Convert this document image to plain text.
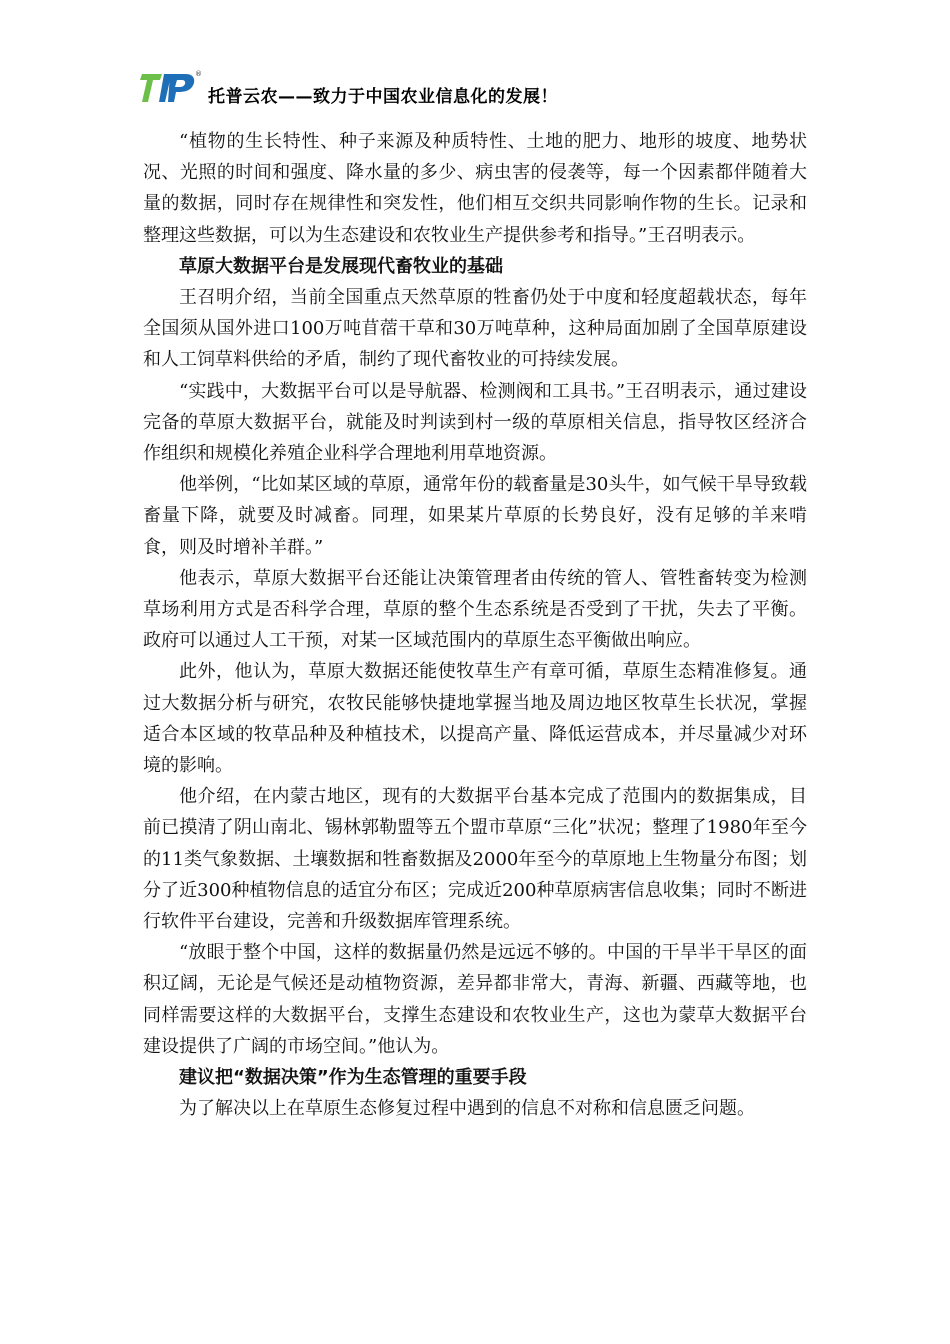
®
托普云农——致力于中国农业信息化的发展！

“植物的生长特性、种子来源及种质特性、土地的肥力、地形的坡度、地势状况、光照的时间和强度、降水量的多少、病虫害的侵袭等，每一个因素都伴随着大量的数据，同时存在规律性和突发性，他们相互交织共同影响作物的生长。记录和整理这些数据，可以为生态建设和农牧业生产提供参考和指导。”王召明表示。

草原大数据平台是发展现代畜牧业的基础

王召明介绍，当前全国重点天然草原的牲畜仍处于中度和轻度超载状态，每年全国须从国外进口100万吨苜蓿干草和30万吨草种，这种局面加剧了全国草原建设和人工饲草料供给的矛盾，制约了现代畜牧业的可持续发展。

“实践中，大数据平台可以是导航器、检测阀和工具书。”王召明表示，通过建设完备的草原大数据平台，就能及时判读到村一级的草原相关信息，指导牧区经济合作组织和规模化养殖企业科学合理地利用草地资源。

他举例，“比如某区域的草原，通常年份的载畜量是30头牛，如气候干旱导致载畜量下降，就要及时减畜。同理，如果某片草原的长势良好，没有足够的羊来啃食，则及时增补羊群。”

他表示，草原大数据平台还能让决策管理者由传统的管人、管牲畜转变为检测草场利用方式是否科学合理，草原的整个生态系统是否受到了干扰，失去了平衡。政府可以通过人工干预，对某一区域范围内的草原生态平衡做出响应。

此外，他认为，草原大数据还能使牧草生产有章可循，草原生态精准修复。通过大数据分析与研究，农牧民能够快捷地掌握当地及周边地区牧草生长状况，掌握适合本区域的牧草品种及种植技术，以提高产量、降低运营成本，并尽量减少对环境的影响。

他介绍，在内蒙古地区，现有的大数据平台基本完成了范围内的数据集成，目前已摸清了阴山南北、锡林郭勒盟等五个盟市草原“三化”状况；整理了1980年至今的11类气象数据、土壤数据和牲畜数据及2000年至今的草原地上生物量分布图；划分了近300种植物信息的适宜分布区；完成近200种草原病害信息收集；同时不断进行软件平台建设，完善和升级数据库管理系统。

“放眼于整个中国，这样的数据量仍然是远远不够的。中国的干旱半干旱区的面积辽阔，无论是气候还是动植物资源，差异都非常大，青海、新疆、西藏等地，也同样需要这样的大数据平台，支撑生态建设和农牧业生产，这也为蒙草大数据平台建设提供了广阔的市场空间。”他认为。

建议把“数据决策”作为生态管理的重要手段

为了解决以上在草原生态修复过程中遇到的信息不对称和信息匮乏问题。
